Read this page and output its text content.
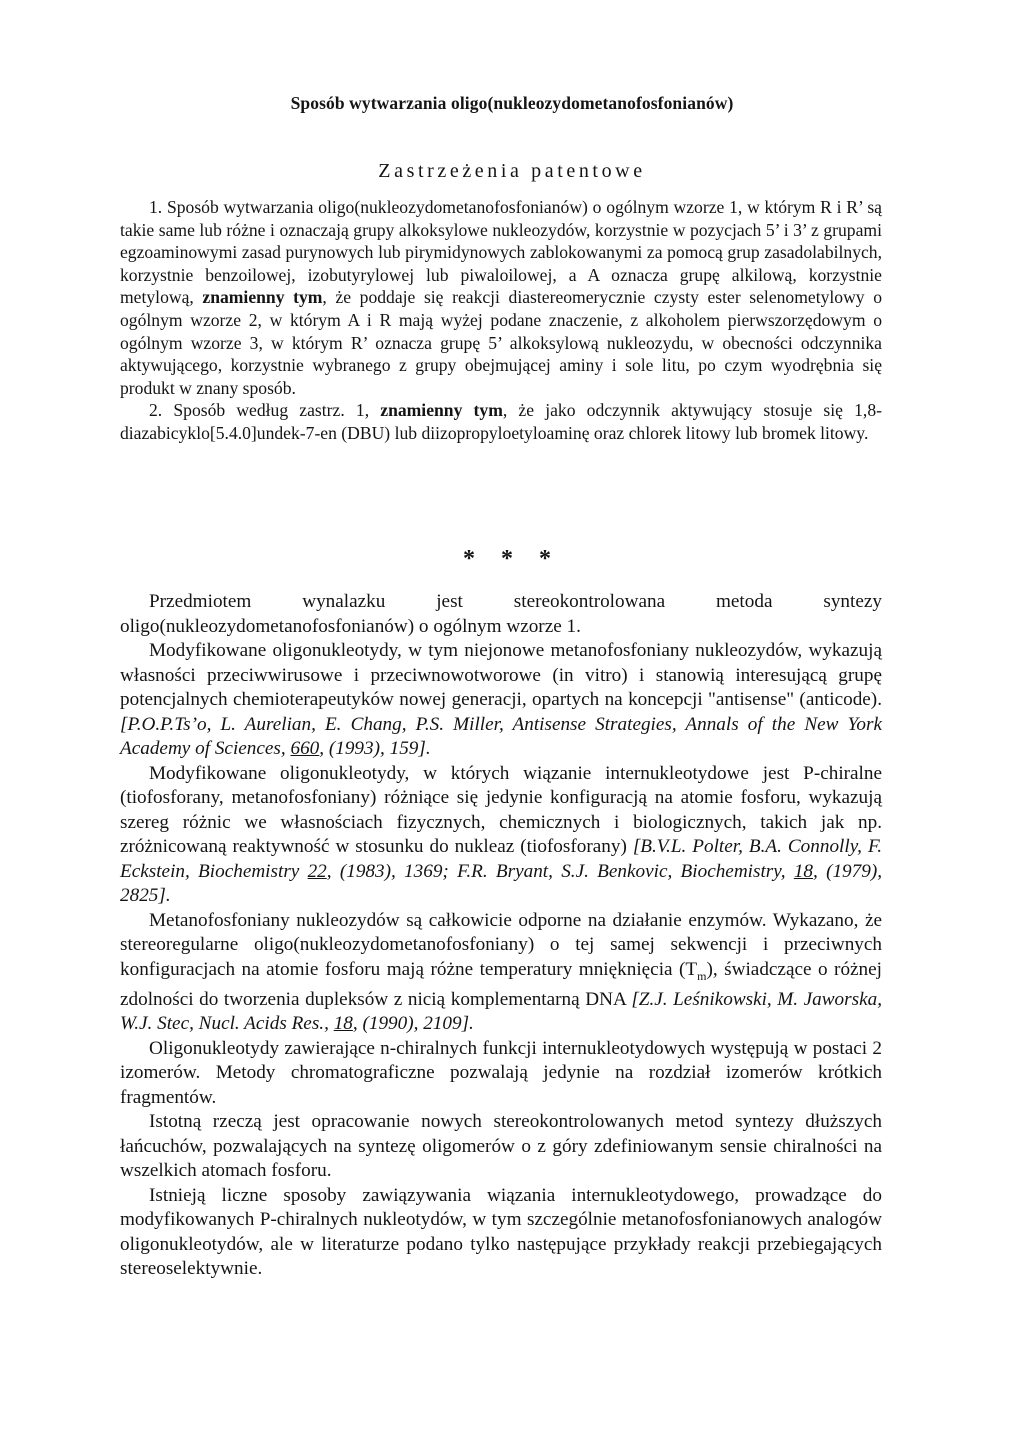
Sposób wytwarzania oligo(nukleozydometanofosfonianów)
Zastrzeżenia patentowe

1. Sposób wytwarzania oligo(nukleozydometanofosfonianów) o ogólnym wzorze 1, w którym R i R’ są takie same lub różne i oznaczają grupy alkoksylowe nukleozydów, korzystnie w pozycjach 5’ i 3’ z grupami egzoaminowymi zasad purynowych lub pirymidynowych zablokowanymi za pomocą grup zasadolabilnych, korzystnie benzoilowej, izobutyrylowej lub piwaloilowej, a A oznacza grupę alkilową, korzystnie metylową, znamienny tym, że poddaje się reakcji diastereomerycznie czysty ester selenometylowy o ogólnym wzorze 2, w którym A i R mają wyżej podane znaczenie, z alkoholem pierwszorzędowym o ogólnym wzorze 3, w którym R’ oznacza grupę 5’ alkoksylową nukleozydu, w obecności odczynnika aktywującego, korzystnie wybranego z grupy obejmującej aminy i sole litu, po czym wyodrębnia się produkt w znany sposób.

2. Sposób według zastrz. 1, znamienny tym, że jako odczynnik aktywujący stosuje się 1,8-diazabicyklo[5.4.0]undek-7-en (DBU) lub diizopropyloetyloaminę oraz chlorek litowy lub bromek litowy.

* * *

Przedmiotem wynalazku jest stereokontrolowana metoda syntezy oligo(nukleozydometanofosfonianów) o ogólnym wzorze 1.

Modyfikowane oligonukleotydy, w tym niejonowe metanofosfoniany nukleozydów, wykazują własności przeciwwirusowe i przeciwnowotworowe (in vitro) i stanowią interesującą grupę potencjalnych chemioterapeutyków nowej generacji, opartych na koncepcji "antisense" (anticode). [P.O.P.Ts’o, L. Aurelian, E. Chang, P.S. Miller, Antisense Strategies, Annals of the New York Academy of Sciences, 660, (1993), 159].

Modyfikowane oligonukleotydy, w których wiązanie internukleotydowe jest P-chiralne (tiofosforany, metanofosfoniany) różniące się jedynie konfiguracją na atomie fosforu, wykazują szereg różnic we własnościach fizycznych, chemicznych i biologicznych, takich jak np. zróżnicowaną reaktywność w stosunku do nukleaz (tiofosforany) [B.V.L. Polter, B.A. Connolly, F. Eckstein, Biochemistry 22, (1983), 1369; F.R. Bryant, S.J. Benkovic, Biochemistry, 18, (1979), 2825].

Metanofosfoniany nukleozydów są całkowicie odporne na działanie enzymów. Wykazano, że stereoregularne oligo(nukleozydometanofosfoniany) o tej samej sekwencji i przeciwnych konfiguracjach na atomie fosforu mają różne temperatury mnięknięcia $(T_m)$, świadczące o różnej zdolności do tworzenia dupleksów z nicią komplementarną DNA [Z.J. Leśnikowski, M. Jaworska, W.J. Stec, Nucl. Acids Res., 18, (1990), 2109].

Oligonukleotydy zawierające n-chiralnych funkcji internukleotydowych występują w postaci 2 izomerów. Metody chromatograficzne pozwalają jedynie na rozdział izomerów krótkich fragmentów.

Istotną rzeczą jest opracowanie nowych stereokontrolowanych metod syntezy dłuższych łańcuchów, pozwalających na syntezę oligomerów o z góry zdefiniowanym sensie chiralności na wszelkich atomach fosforu.

Istnieją liczne sposoby zawiązywania wiązania internukleotydowego, prowadzące do modyfikowanych P-chiralnych nukleotydów, w tym szczególnie metanofosfonianowych analogów oligonukleotydów, ale w literaturze podano tylko następujące przykłady reakcji przebiegających stereoselektywnie.
